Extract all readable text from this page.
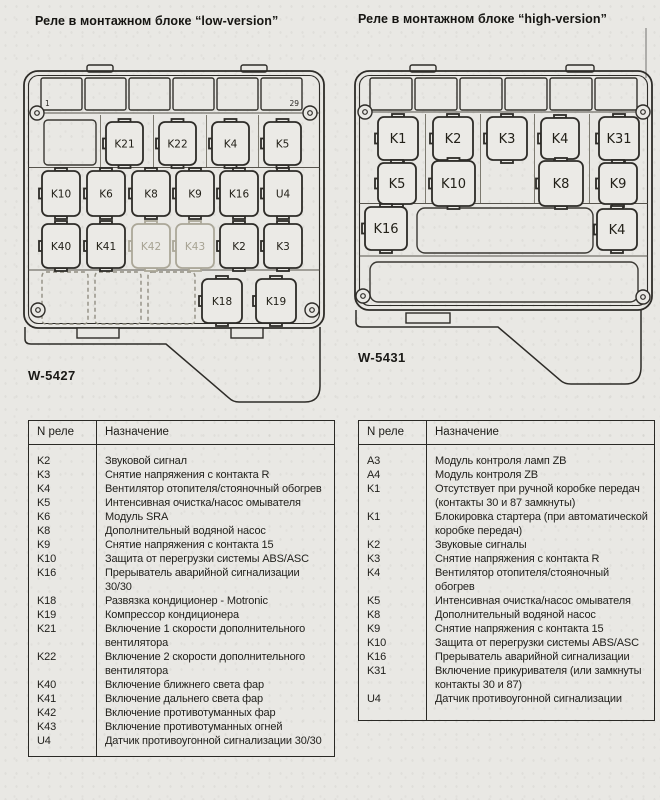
Реле в монтажном блоке “low-version”	Реле в монтажном блоке “high-version”
1	29
K21	K22	K4	K5
K10	K6	K8	K9	K16	U4
K40 K41 K42 K43	K2	K3
K18	K19
W-5427
K1	K2	K3	K4	K31
K5	K10	K8	K9
K16	K4
W-5431
N реле	Назначение
K2	Звуковой сигнал
K3	Снятие напряжения с контакта R
K4	Вентилятор отопителя/стояночный обогрев
K5	Интенсивная очистка/насос омывателя
K6	Модуль SRA
K8	Дополнительный водяной насос
K9	Снятие напряжения с контакта 15
K10	Защита от перегрузки системы ABS/ASC
K16	Прерыватель аварийной сигнализации 30/30
K18	Развязка кондиционер - Motronic
K19	Компрессор кондиционера
K21	Включение 1 скорости дополнительного вентилятора
K22	Включение 2 скорости дополнительного вентилятора
K40	Включение ближнего света фар
K41	Включение дальнего света фар
K42	Включение противотуманных фар
K43	Включение противотуманных огней
U4	Датчик противоугонной сигнализации 30/30
N реле	Назначение
A3	Модуль контроля ламп ZB
A4	Модуль контроля ZB
K1	Отсутствует при ручной коробке передач (контакты 30 и 87 замкнуты)
K1	Блокировка стартера (при автоматической коробке передач)
K2	Звуковые сигналы
K3	Снятие напряжения с контакта R
K4	Вентилятор отопителя/стояночный обогрев
K5	Интенсивная очистка/насос омывателя
K8	Дополнительный водяной насос
K9	Снятие напряжения с контакта 15
K10	Защита от перегрузки системы ABS/ASC
K16	Прерыватель аварийной сигнализации
K31	Включение прикуривателя (или замкнуты контакты 30 и 87)
U4	Датчик противоугонной сигнализации
